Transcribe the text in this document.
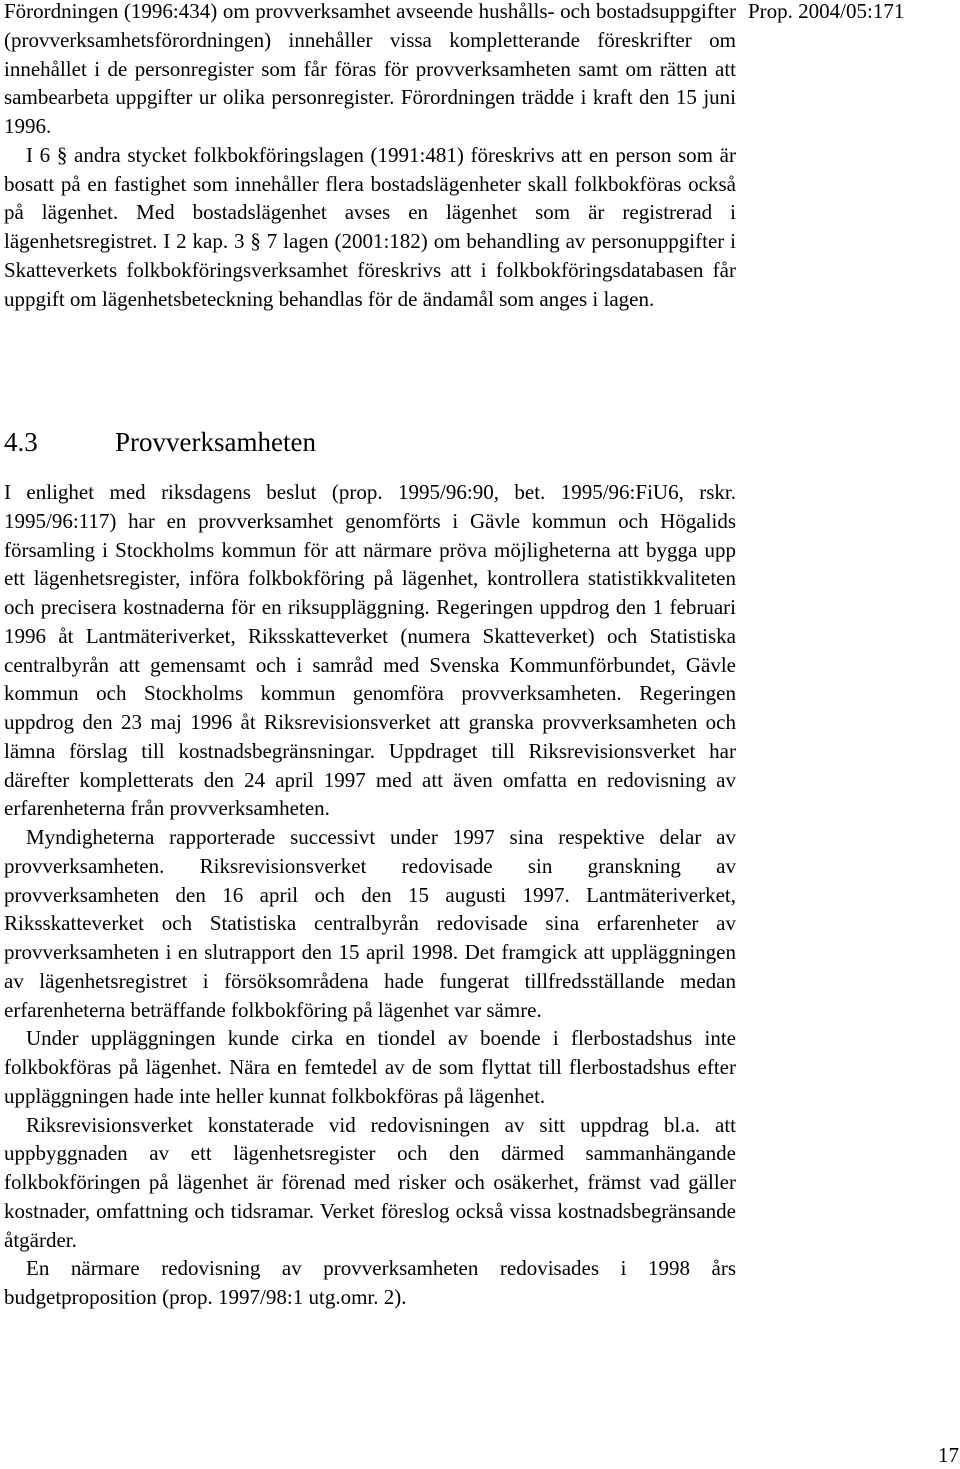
Prop. 2004/05:171

Förordningen (1996:434) om provverksamhet avseende hushålls- och bostadsuppgifter (provverksamhetsförordningen) innehåller vissa kompletterande föreskrifter om innehållet i de personregister som får föras för provverksamheten samt om rätten att sambearbeta uppgifter ur olika personregister. Förordningen trädde i kraft den 15 juni 1996.

I 6 § andra stycket folkbokföringslagen (1991:481) föreskrivs att en person som är bosatt på en fastighet som innehåller flera bostadslägenheter skall folkbokföras också på lägenhet. Med bostadslägenhet avses en lägenhet som är registrerad i lägenhetsregistret. I 2 kap. 3 § 7 lagen (2001:182) om behandling av personuppgifter i Skatteverkets folkbokföringsverksamhet föreskrivs att i folkbokföringsdatabasen får uppgift om lägenhetsbeteckning behandlas för de ändamål som anges i lagen.

4.3	Provverksamheten

I enlighet med riksdagens beslut (prop. 1995/96:90, bet. 1995/96:FiU6, rskr. 1995/96:117) har en provverksamhet genomförts i Gävle kommun och Högalids församling i Stockholms kommun för att närmare pröva möjligheterna att bygga upp ett lägenhetsregister, införa folkbokföring på lägenhet, kontrollera statistikkvaliteten och precisera kostnaderna för en riksuppläggning. Regeringen uppdrog den 1 februari 1996 åt Lantmäteriverket, Riksskatteverket (numera Skatteverket) och Statistiska centralbyrån att gemensamt och i samråd med Svenska Kommunförbundet, Gävle kommun och Stockholms kommun genomföra provverksamheten. Regeringen uppdrog den 23 maj 1996 åt Riksrevisionsverket att granska provverksamheten och lämna förslag till kostnadsbegränsningar. Uppdraget till Riksrevisionsverket har därefter kompletterats den 24 april 1997 med att även omfatta en redovisning av erfarenheterna från provverksamheten.

Myndigheterna rapporterade successivt under 1997 sina respektive delar av provverksamheten. Riksrevisionsverket redovisade sin granskning av provverksamheten den 16 april och den 15 augusti 1997. Lantmäteriverket, Riksskatteverket och Statistiska centralbyrån redovisade sina erfarenheter av provverksamheten i en slutrapport den 15 april 1998. Det framgick att uppläggningen av lägenhetsregistret i försöksområdena hade fungerat tillfredsställande medan erfarenheterna beträffande folkbokföring på lägenhet var sämre.

Under uppläggningen kunde cirka en tiondel av boende i flerbostadshus inte folkbokföras på lägenhet. Nära en femtedel av de som flyttat till flerbostadshus efter uppläggningen hade inte heller kunnat folkbokföras på lägenhet.

Riksrevisionsverket konstaterade vid redovisningen av sitt uppdrag bl.a. att uppbyggnaden av ett lägenhetsregister och den därmed sammanhängande folkbokföringen på lägenhet är förenad med risker och osäkerhet, främst vad gäller kostnader, omfattning och tidsramar. Verket föreslog också vissa kostnadsbegränsande åtgärder.

En närmare redovisning av provverksamheten redovisades i 1998 års budgetproposition (prop. 1997/98:1 utg.omr. 2).

17
